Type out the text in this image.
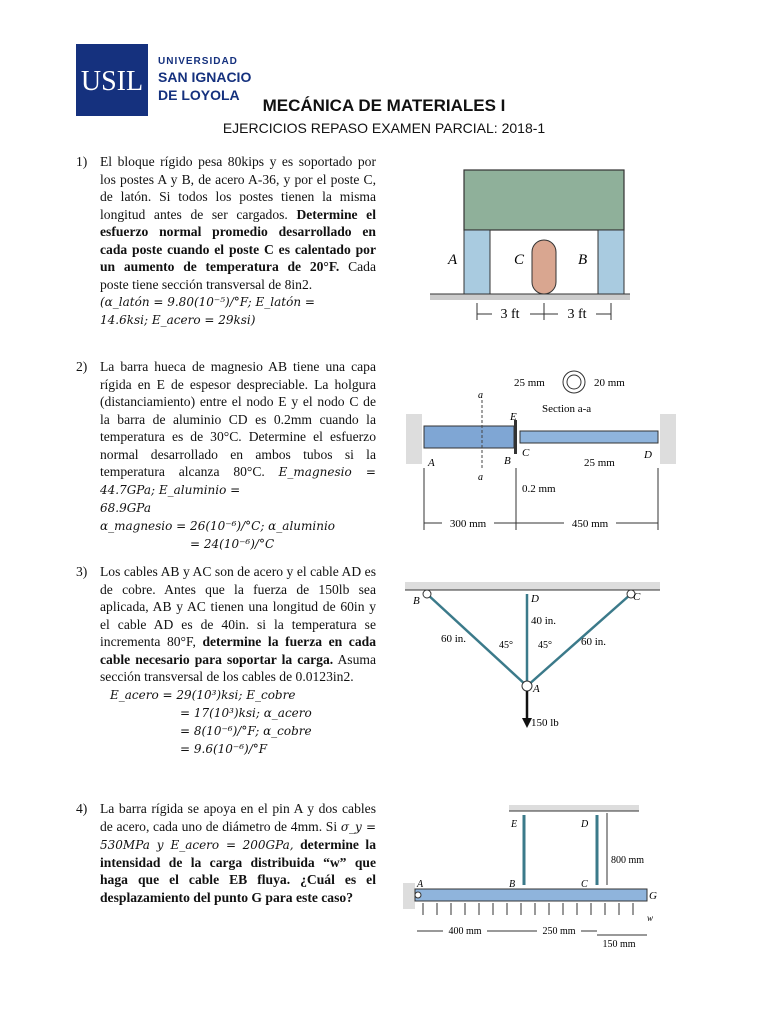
USIL
UNIVERSIDAD
SAN IGNACIO
DE LOYOLA
MECÁNICA DE MATERIALES I
EJERCICIOS REPASO EXAMEN PARCIAL: 2018-1
1) El bloque rígido pesa 80kips y es soportado por los postes A y B, de acero A-36, y por el poste C, de latón. Si todos los postes tienen la misma longitud antes de ser cargados. Determine el esfuerzo normal promedio desarrollado en cada poste cuando el poste C es calentado por un aumento de temperatura de 20°F. Cada poste tiene sección transversal de 8in2.
(α_latón = 9.80(10⁻⁵)/°F; E_latón =
14.6ksi; E_acero = 29ksi)
2) La barra hueca de magnesio AB tiene una capa rígida en E de espesor despreciable. La holgura (distanciamiento) entre el nodo E y el nodo C de la barra de aluminio CD es 0.2mm cuando la temperatura es de 30°C. Determine el esfuerzo normal desarrollado en ambos tubos si la temperatura alcanza 80°C. E_magnesio = 44.7GPa; E_aluminio =
68.9GPa
α_magnesio = 26(10⁻⁶)/°C; α_aluminio
= 24(10⁻⁶)/°C
3) Los cables AB y AC son de acero y el cable AD es de cobre. Antes que la fuerza de 150lb sea aplicada, AB y AC tienen una longitud de 60in y el cable AD es de 40in. si la temperatura se incrementa 80°F, determine la fuerza en cada cable necesario para soportar la carga. Asuma sección transversal de los cables de 0.0123in2.
E_acero = 29(10³)ksi; E_cobre
= 17(10³)ksi; α_acero
= 8(10⁻⁶)/°F; α_cobre
= 9.6(10⁻⁶)/°F
4) La barra rígida se apoya en el pin A y dos cables de acero, cada uno de diámetro de 4mm. Si σ_y = 530MPa y E_acero = 200GPa, determine la intensidad de la carga distribuida “w” que haga que el cable EB fluya. ¿Cuál es el desplazamiento del punto G para este caso?
A	C	B
3 ft	3 ft
25 mm	20 mm
Section a-a
a
a
E
A	B
C	D
25 mm
0.2 mm
300 mm	450 mm
B	D	C
A
40 in.
60 in.	60 in.
45°	45°
150 lb
E	D
800 mm
A	B	C
G
w
400 mm	250 mm
150 mm
